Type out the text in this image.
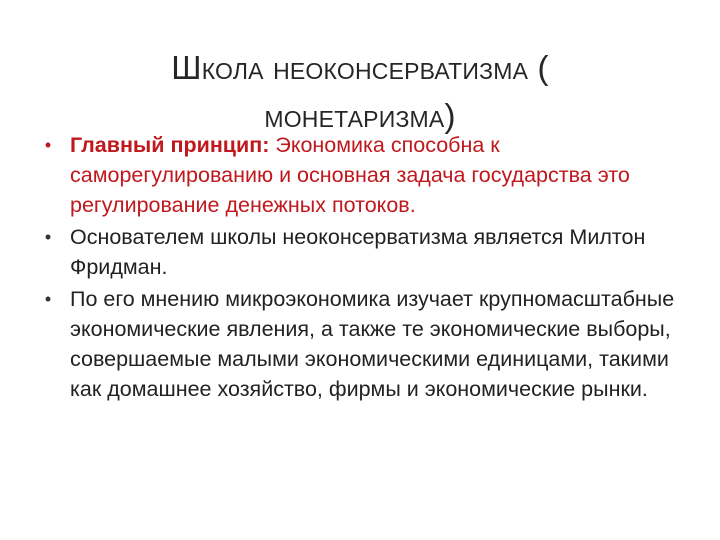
Школа неоконсерватизма (
монетаризма)
• Главный принцип: Экономика способна к саморегулированию и основная задача государства это регулирование денежных потоков.
• Основателем школы неоконсерватизма является Милтон Фридман.
• По его мнению микроэкономика изучает крупномасштабные экономические явления, а также те экономические выборы, совершаемые малыми экономическими единицами, такими как домашнее хозяйство, фирмы и экономические рынки.
